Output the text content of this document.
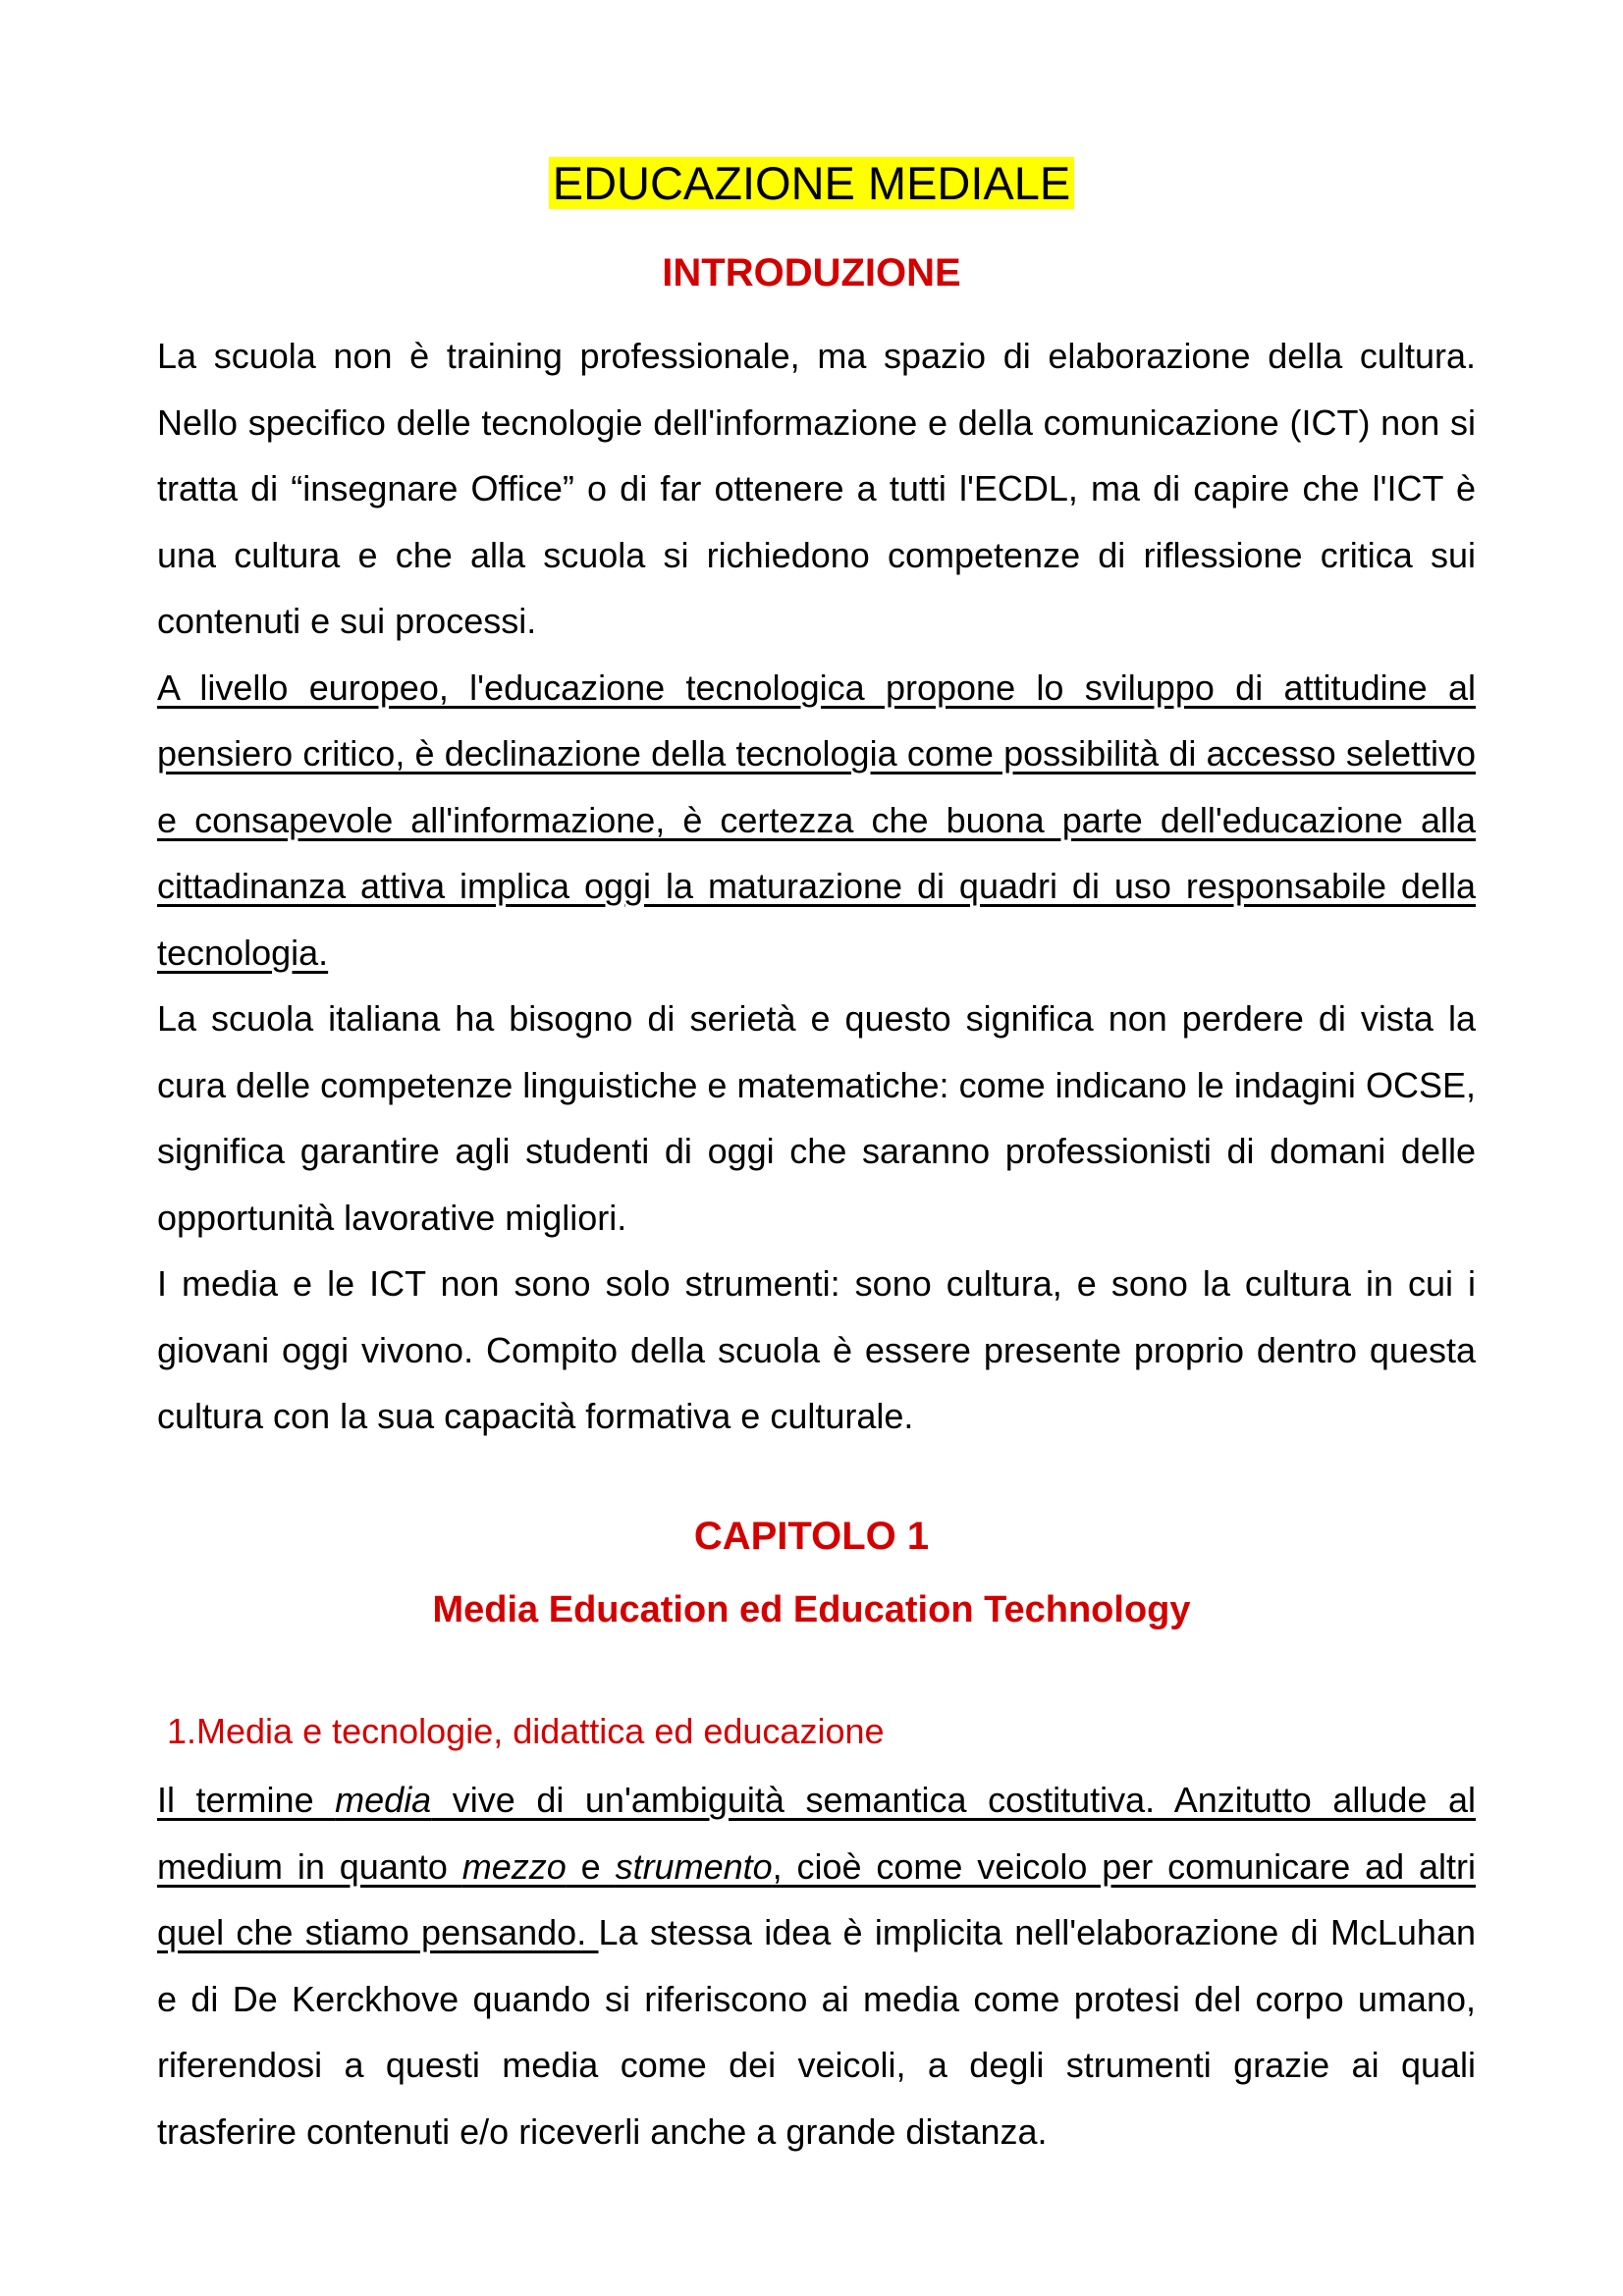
EDUCAZIONE MEDIALE
INTRODUZIONE

La scuola non è training professionale, ma spazio di elaborazione della cultura. Nello specifico delle tecnologie dell'informazione e della comunicazione (ICT) non si tratta di “insegnare Office” o di far ottenere a tutti l'ECDL, ma di capire che l'ICT è una cultura e che alla scuola si richiedono competenze di riflessione critica sui contenuti e sui processi.

A livello europeo, l'educazione tecnologica propone lo sviluppo di attitudine al pensiero critico, è declinazione della tecnologia come possibilità di accesso selettivo e consapevole all'informazione, è certezza che buona parte dell'educazione alla cittadinanza attiva implica oggi la maturazione di quadri di uso responsabile della tecnologia.

La scuola italiana ha bisogno di serietà e questo significa non perdere di vista la cura delle competenze linguistiche e matematiche: come indicano le indagini OCSE, significa garantire agli studenti di oggi che saranno professionisti di domani delle opportunità lavorative migliori.

I media e le ICT non sono solo strumenti: sono cultura, e sono la cultura in cui i giovani oggi vivono. Compito della scuola è essere presente proprio dentro questa cultura con la sua capacità formativa e culturale.

CAPITOLO 1
Media Education ed Education Technology
1.Media e tecnologie, didattica ed educazione

Il termine media vive di un'ambiguità semantica costitutiva. Anzitutto allude al medium in quanto mezzo e strumento, cioè come veicolo per comunicare ad altri quel che stiamo pensando. La stessa idea è implicita nell'elaborazione di McLuhan e di De Kerckhove quando si riferiscono ai media come protesi del corpo umano, riferendosi a questi media come dei veicoli, a degli strumenti grazie ai quali trasferire contenuti e/o riceverli anche a grande distanza.
